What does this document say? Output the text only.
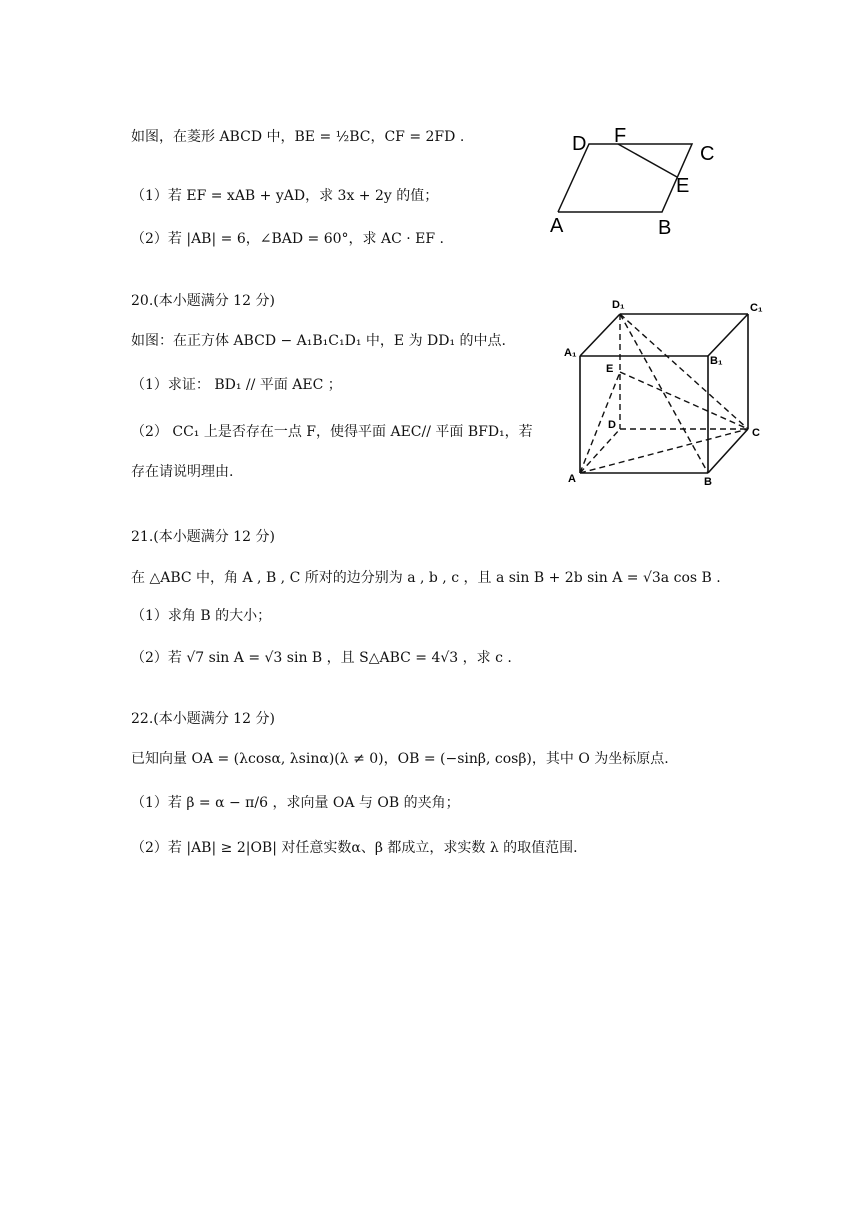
如图，在菱形 ABCD 中，BE = ½BC，CF = 2FD .
（1）若 EF = xAB + yAD，求 3x + 2y 的值；
（2）若 |AB| = 6，∠BAD = 60°，求 AC · EF .
D F
C
E
A	B
20.(本小题满分 12 分)
如图：在正方体 ABCD − A₁B₁C₁D₁ 中，E 为 DD₁ 的中点.
（1）求证： BD₁ // 平面 AEC ；
（2） CC₁ 上是否存在一点 F，使得平面 AEC// 平面 BFD₁，若
存在请说明理由.
D₁	C₁
A₁
B₁
E
D
C
A	B
21.(本小题满分 12 分)
在 △ABC 中，角 A , B , C 所对的边分别为 a , b , c ，且 a sin B + 2b sin A = √3a cos B .
（1）求角 B 的大小；
（2）若 √7 sin A = √3 sin B ，且 S△ABC = 4√3 ，求 c .
22.(本小题满分 12 分)
已知向量 OA = (λcosα, λsinα)(λ ≠ 0)，OB = (−sinβ, cosβ)，其中 O 为坐标原点.
（1）若 β = α − π/6 ，求向量 OA 与 OB 的夹角；
（2）若 |AB| ≥ 2|OB| 对任意实数α、β 都成立，求实数 λ 的取值范围.
